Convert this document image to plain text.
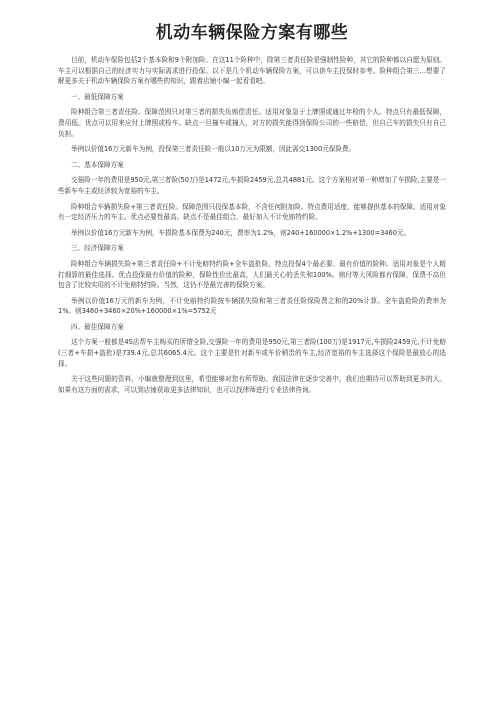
机动车辆保险方案有哪些

目前，机动车保险包括2个基本险和9个附加险。在这11个险种中，除第三者责任险是强制性险种，其它的险种都以自愿为原则。车主可以根据自己的经济实力与实际需求进行投保。以下是几个机动车辆保险方案，可以供车主投保时参考。险种组合第三...想要了解更多关于机动车辆保险方案有哪些的知识，跟着店铺小编一起看看吧。

一、最低保障方案

险种组合第三者责任险。保障范围只对第三者的损失负赔偿责任。适用对象急于上牌照或通过年检的个人。特点只有最低保障，费用低。优点可以用来应付上牌照或检车。缺点一旦撞车或撞人，对方的损失能得到保险公司的一些赔偿，但自己车的损失只有自己负担。

举例以价值16万元新车为例，投保第三者责任险一般以10万元为限额，因此需交1300元保险费。

二、基本保障方案

交强险一年的费用是950元,第三者险(50万)是1472元,车损险2459元,总共4881元。这个方案相对第一种增加了车损险,主要是一些新车车主或经济较为宽裕的车主。

险种组合车辆损失险+第三者责任险。保障范围只投保基本险，不含任何附加险。特点费用适度，能够提供基本的保障。适用对象有一定经济压力的车主。优点必要性最高。缺点不是最佳组合，最好加入不计免赔特约险。

举例以价值16万元新车为例，车损险基本保费为240元，费率为1.2%，则240+160000×1.2%+1300=3460元。

三、经济保障方案

险种组合车辆损失险+第三者责任险+不计免赔特约险+全车盗抢险。特点投保4个最必要、最有价值的险种。适用对象是个人精打细算的最佳选择。优点投保最有价值的险种，保险性价比最高，人们最关心的丢失和100%。赔付等大风险都有保障，保费不高但包含了比较实用的不计免赔特约险。当然，这仍不是最完善的保险方案。

举例以价值16万元的新车为例，不计免赔特约险按车辆损失险和第三者责任险保险费之和的20%计算。全车盗抢险的费率为1%。则3460+3460×20%+160000×1%=5752元

四、最佳保障方案

这个方案一般都是4S店帮车主购买的所谓全险,交强险一年的费用是950元,第三者险(100万)是1917元,车损险2459元,不计免赔(三者+车损+盗抢)是739.4元,总共6065.4元。这个主要是针对新车或车价稍贵的车主,经济宽裕的车主选择这个保险是最放心的选择。

关于这些问题的资料，小编就整理到这里，希望能够对您有所帮助。我国法律在逐步完善中，我们也期待可以帮助到更多的人。如果有这方面的需求，可以到店铺获取更多法律知识，也可以找律师进行专业法律咨询。
